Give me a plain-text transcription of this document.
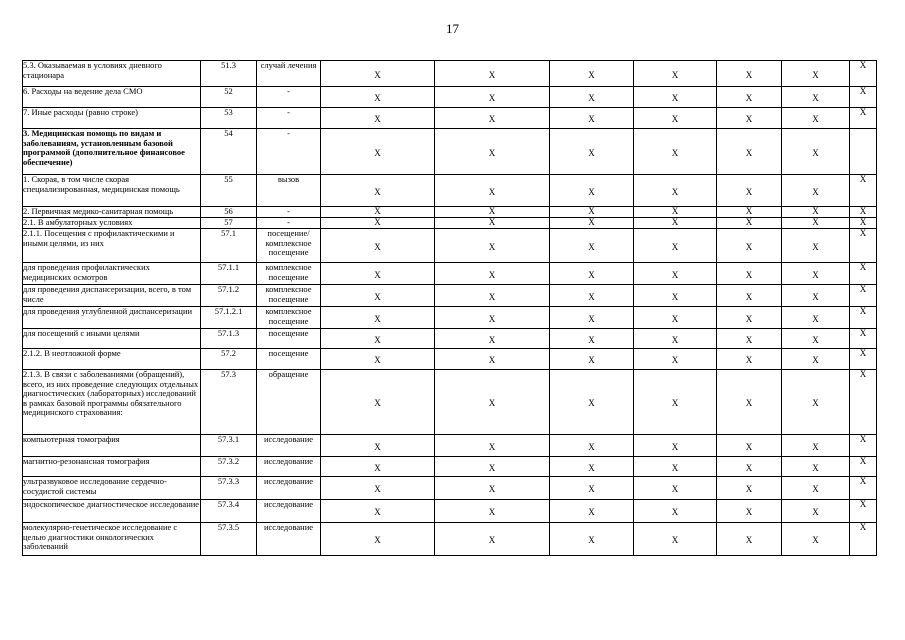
17
5.3. Оказываемая в условиях дневного стационара	51.3	случай лечения	X	X	X	X	X	X	X
6. Расходы на ведение дела СМО	52	-	X	X	X	X	X	X	X
7. Иные расходы (равно строке)	53	-	X	X	X	X	X	X	X
3. Медицинская помощь по видам и заболеваниям, установленным базовой программой (дополнительное финансовое обеспечение)	54	-	X	X	X	X	X	X	
1. Скорая, в том числе скорая специализированная, медицинская помощь	55	вызов	X	X	X	X	X	X	X
2. Первичная медико-санитарная помощь	56	-	X	X	X	X	X	X	X
2.1. В амбулаторных условиях	57	-	X	X	X	X	X	X	X
2.1.1. Посещения с профилактическими и иными целями, из них	57.1	посещение/ комплексное посещение	X	X	X	X	X	X	X
для проведения профилактических медицинских осмотров	57.1.1	комплексное посещение	X	X	X	X	X	X	X
для проведения диспансеризации, всего, в том числе	57.1.2	комплексное посещение	X	X	X	X	X	X	X
для проведения углубленной диспансеризации	57.1.2.1	комплексное посещение	X	X	X	X	X	X	X
для посещений с иными целями	57.1.3	посещение	X	X	X	X	X	X	X
2.1.2. В неотложной форме	57.2	посещение	X	X	X	X	X	X	X
2.1.3. В связи с заболеваниями (обращений), всего, из них проведение следующих отдельных диагностических (лабораторных) исследований в рамках базовой программы обязательного медицинского страхования:	57.3	обращение	X	X	X	X	X	X	X
компьютерная томография	57.3.1	исследование	X	X	X	X	X	X	X
магнитно-резонансная томография	57.3.2	исследование	X	X	X	X	X	X	X
ультразвуковое исследование сердечно-сосудистой системы	57.3.3	исследование	X	X	X	X	X	X	X
эндоскопическое диагностическое исследование	57.3.4	исследование	X	X	X	X	X	X	X
молекулярно-генетическое исследование с целью диагностики онкологических заболеваний	57.3.5	исследование	X	X	X	X	X	X	X
